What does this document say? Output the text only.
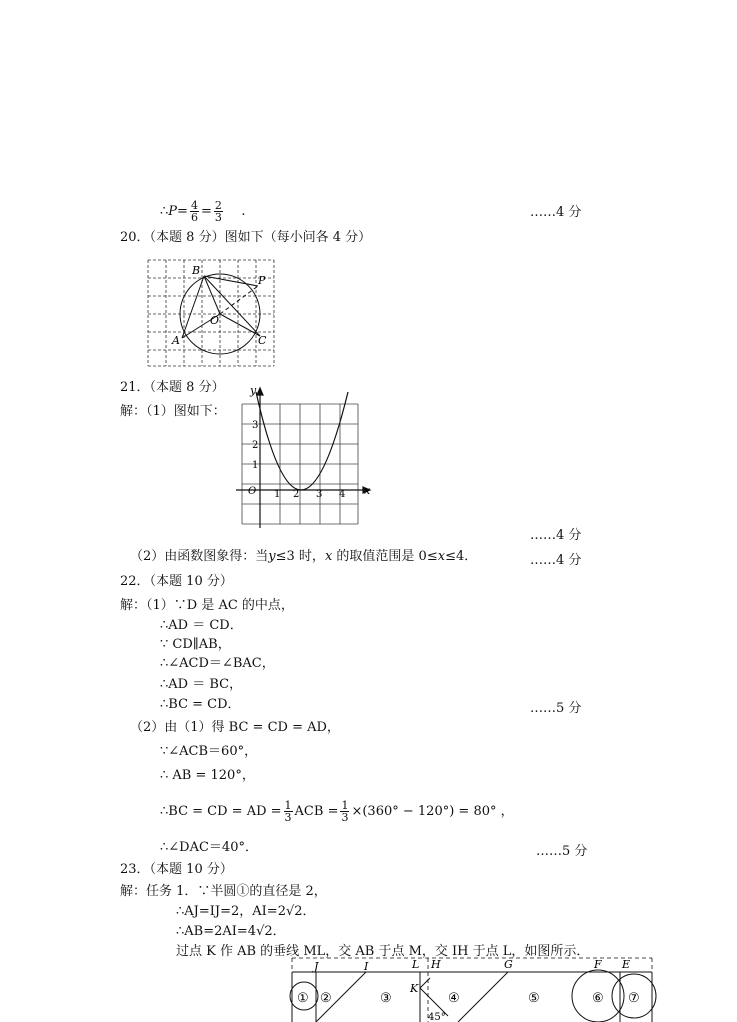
∴P= $\frac{4}{6} = \frac{2}{3}$ .	……4 分
20．（本题 8 分）图如下（每小问各 4 分）
B
P
O
A	C
21．（本题 8 分）
解：（1）图如下：
y
x
O 1 2 3 4
1
2
3
……4 分
（2）由函数图象得：当y≤3 时，x 的取值范围是 0≤x≤4．	……4 分
22．（本题 10 分）
解：（1）∵D 是 AC 的中点，
∴AD ＝ CD．
∵ CD∥AB，
∴∠ACD＝∠BAC，
∴AD ＝ BC，
∴BC = CD．	……5 分
（2）由（1）得 BC = CD = AD，
∵∠ACB＝60°，
∴ AB = 120°，
∴BC = CD = AD = $\frac{1}{3}$ ACB = $\frac{1}{3} \times(360^\circ - 120^\circ) = 80^\circ$ ，
∴∠DAC＝40°．	……5 分
23．（本题 10 分）
解：任务 1．∵半圆①的直径是 2，
∴AJ=IJ=2，AI=2√2．
∴AB=2AI=4√2．
过点 K 作 AB 的垂线 ML，交 AB 于点 M，交 IH 于点 L，如图所示．
J	I	L H	G	F E
K
① ②	③	④	⑤	⑥ ⑦
45°
